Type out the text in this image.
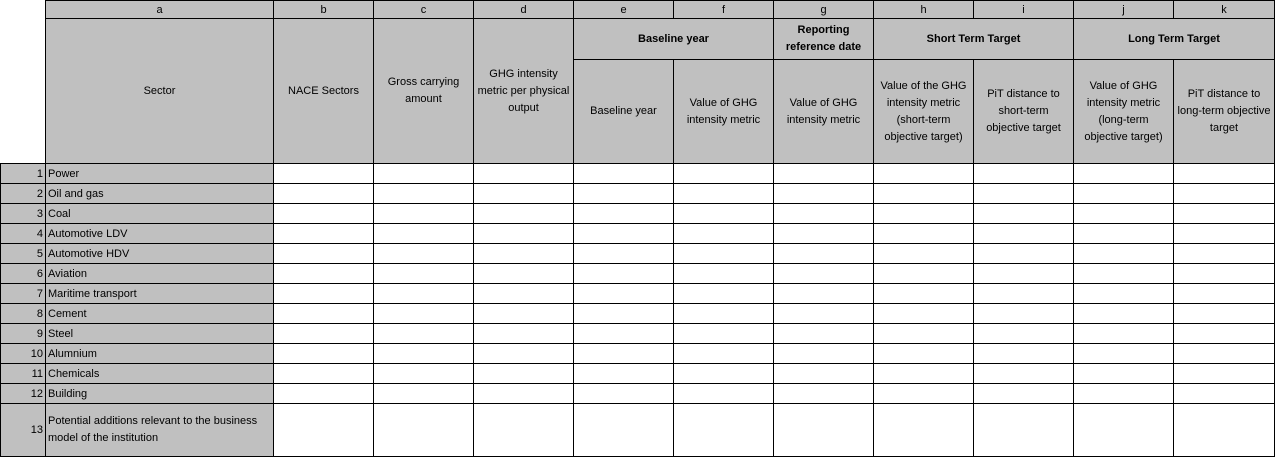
	a	b	c	d	e	f	g	h	i	j	k
	Sector	NACE Sectors	Gross carrying amount	GHG intensity metric per physical output	Baseline year		Reporting reference date	Short Term Target		Long Term Target	
					Baseline year	Value of GHG intensity metric	Value of GHG intensity metric	Value of the GHG intensity metric (short-term objective target)	PiT distance to short-term objective target	Value of GHG intensity metric (long-term objective target)	PiT distance to long-term objective target
1	Power										
2	Oil and gas										
3	Coal										
4	Automotive LDV										
5	Automotive HDV										
6	Aviation										
7	Maritime transport										
8	Cement										
9	Steel										
10	Alumnium										
11	Chemicals										
12	Building										
13	Potential additions relevant to the business model of the institution										
